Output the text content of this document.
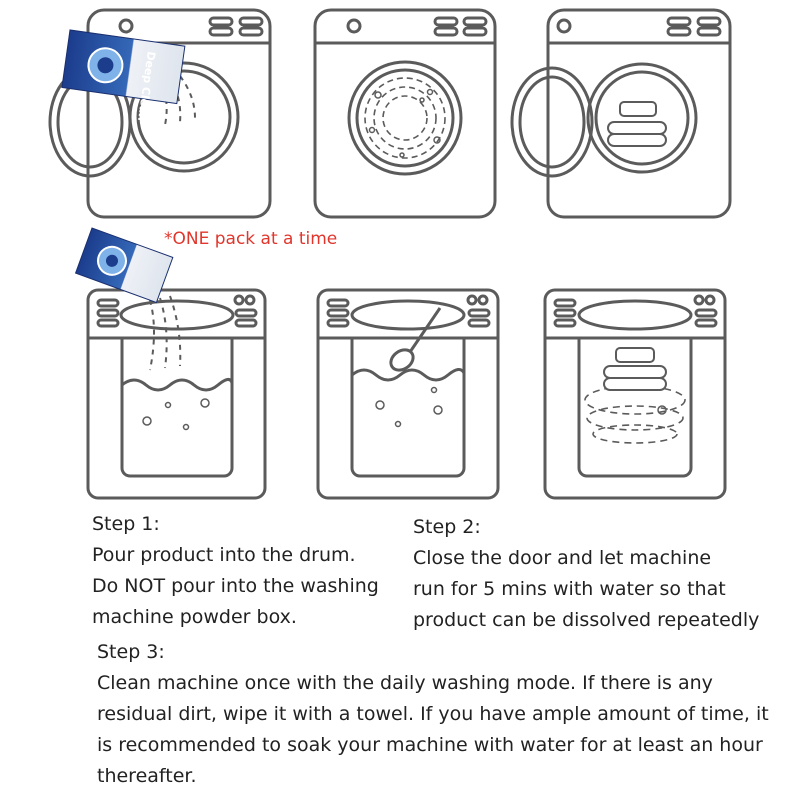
Deep Clean
*ONE pack at a time
Step 1:
Pour product into the drum.
Do NOT pour into the washing
machine powder box.
Step 2:
Close the door and let machine
run for 5 mins with water so that
product can be dissolved repeatedly
Step 3:
Clean machine once with the daily washing mode. If there is any
residual dirt, wipe it with a towel. If you have ample amount of time, it
is recommended to soak your machine with water for at least an hour
thereafter.
